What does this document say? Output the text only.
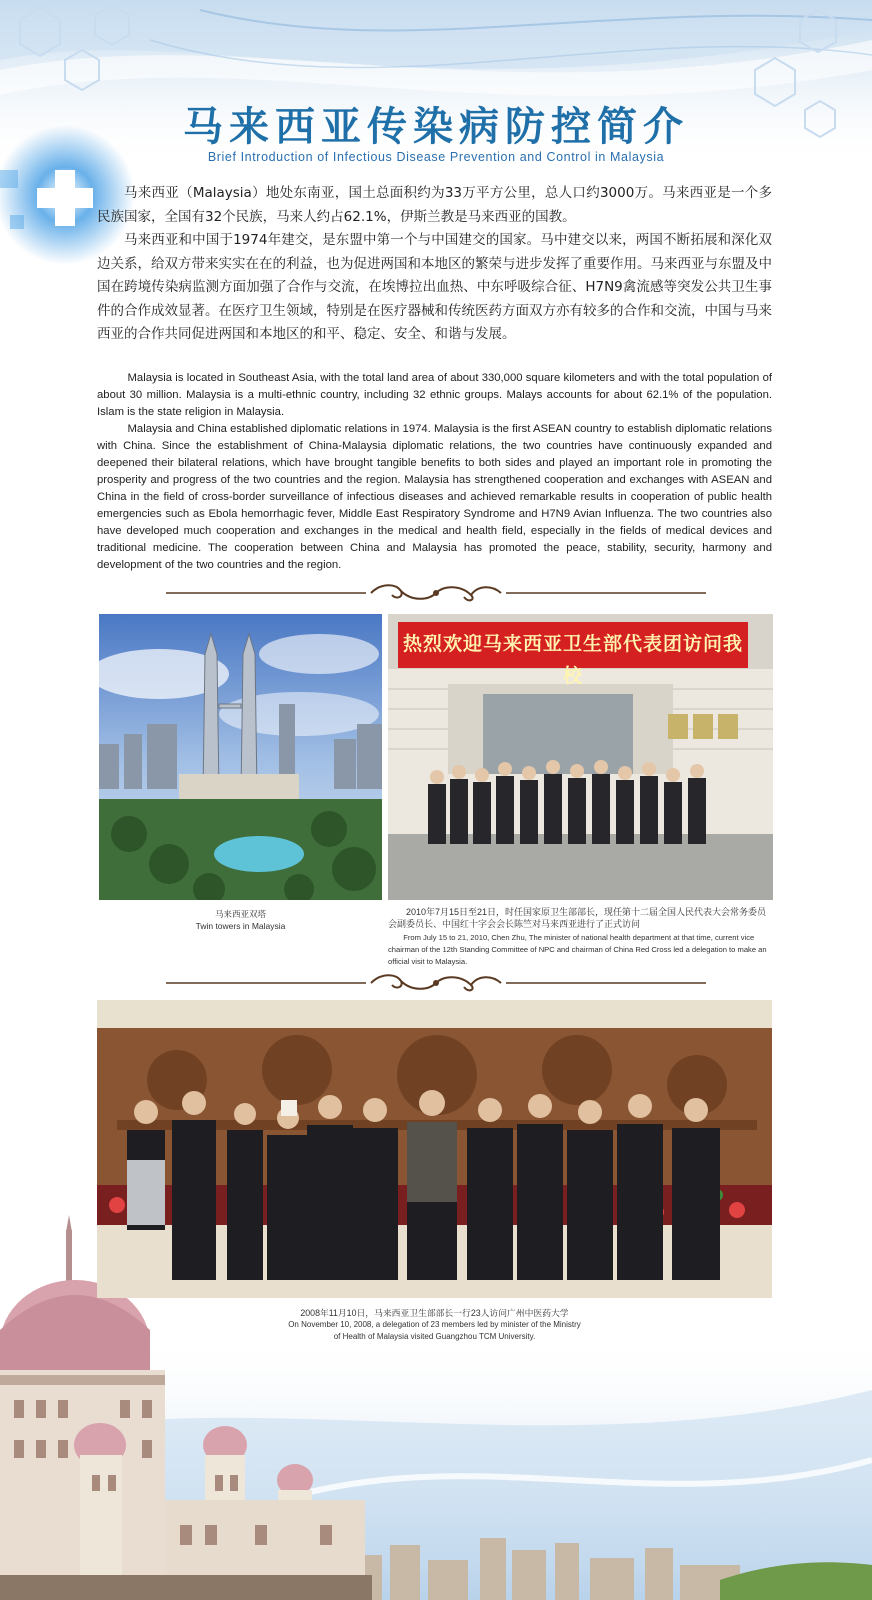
马来西亚传染病防控简介
Brief Introduction of Infectious Disease Prevention and Control in Malaysia

马来西亚（Malaysia）地处东南亚，国土总面积约为33万平方公里，总人口约3000万。马来西亚是一个多民族国家，全国有32个民族，马来人约占62.1%，伊斯兰教是马来西亚的国教。

马来西亚和中国于1974年建交，是东盟中第一个与中国建交的国家。马中建交以来，两国不断拓展和深化双边关系，给双方带来实实在在的利益，也为促进两国和本地区的繁荣与进步发挥了重要作用。马来西亚与东盟及中国在跨境传染病监测方面加强了合作与交流，在埃博拉出血热、中东呼吸综合征、H7N9禽流感等突发公共卫生事件的合作成效显著。在医疗卫生领域，特别是在医疗器械和传统医药方面双方亦有较多的合作和交流，中国与马来西亚的合作共同促进两国和本地区的和平、稳定、安全、和谐与发展。

Malaysia is located in Southeast Asia, with the total land area of about 330,000 square kilometers and with the total population of about 30 million. Malaysia is a multi-ethnic country, including 32 ethnic groups. Malays accounts for about 62.1% of the population. Islam is the state religion in Malaysia.

Malaysia and China established diplomatic relations in 1974. Malaysia is the first ASEAN country to establish diplomatic relations with China. Since the establishment of China-Malaysia diplomatic relations, the two countries have continuously expanded and deepened their bilateral relations, which have brought tangible benefits to both sides and played an important role in promoting the prosperity and progress of the two countries and the region. Malaysia has strengthened cooperation and exchanges with ASEAN and China in the field of cross-border surveillance of infectious diseases and achieved remarkable results in cooperation of public health emergencies such as Ebola hemorrhagic fever, Middle East Respiratory Syndrome and H7N9 Avian Influenza. The two countries also have developed much cooperation and exchanges in the medical and health field, especially in the fields of medical devices and traditional medicine. The cooperation between China and Malaysia has promoted the peace, stability, security, harmony and development of the two countries and the region.

热烈欢迎马来西亚卫生部代表团访问我校
马来西亚双塔
Twin towers in Malaysia
2010年7月15日至21日，时任国家原卫生部部长，现任第十二届全国人民代表大会常务委员会副委员长、中国红十字会会长陈竺对马来西亚进行了正式访问
From July 15 to 21, 2010, Chen Zhu, The minister of national health department at that time, current vice chairman of the 12th Standing Committee of NPC and chairman of China Red Cross led a delegation to make an official visit to Malaysia.
2008年11月10日，马来西亚卫生部部长一行23人访问广州中医药大学
On November 10, 2008, a delegation of 23 members led by minister of the Ministry
of Health of Malaysia visited Guangzhou TCM University.
